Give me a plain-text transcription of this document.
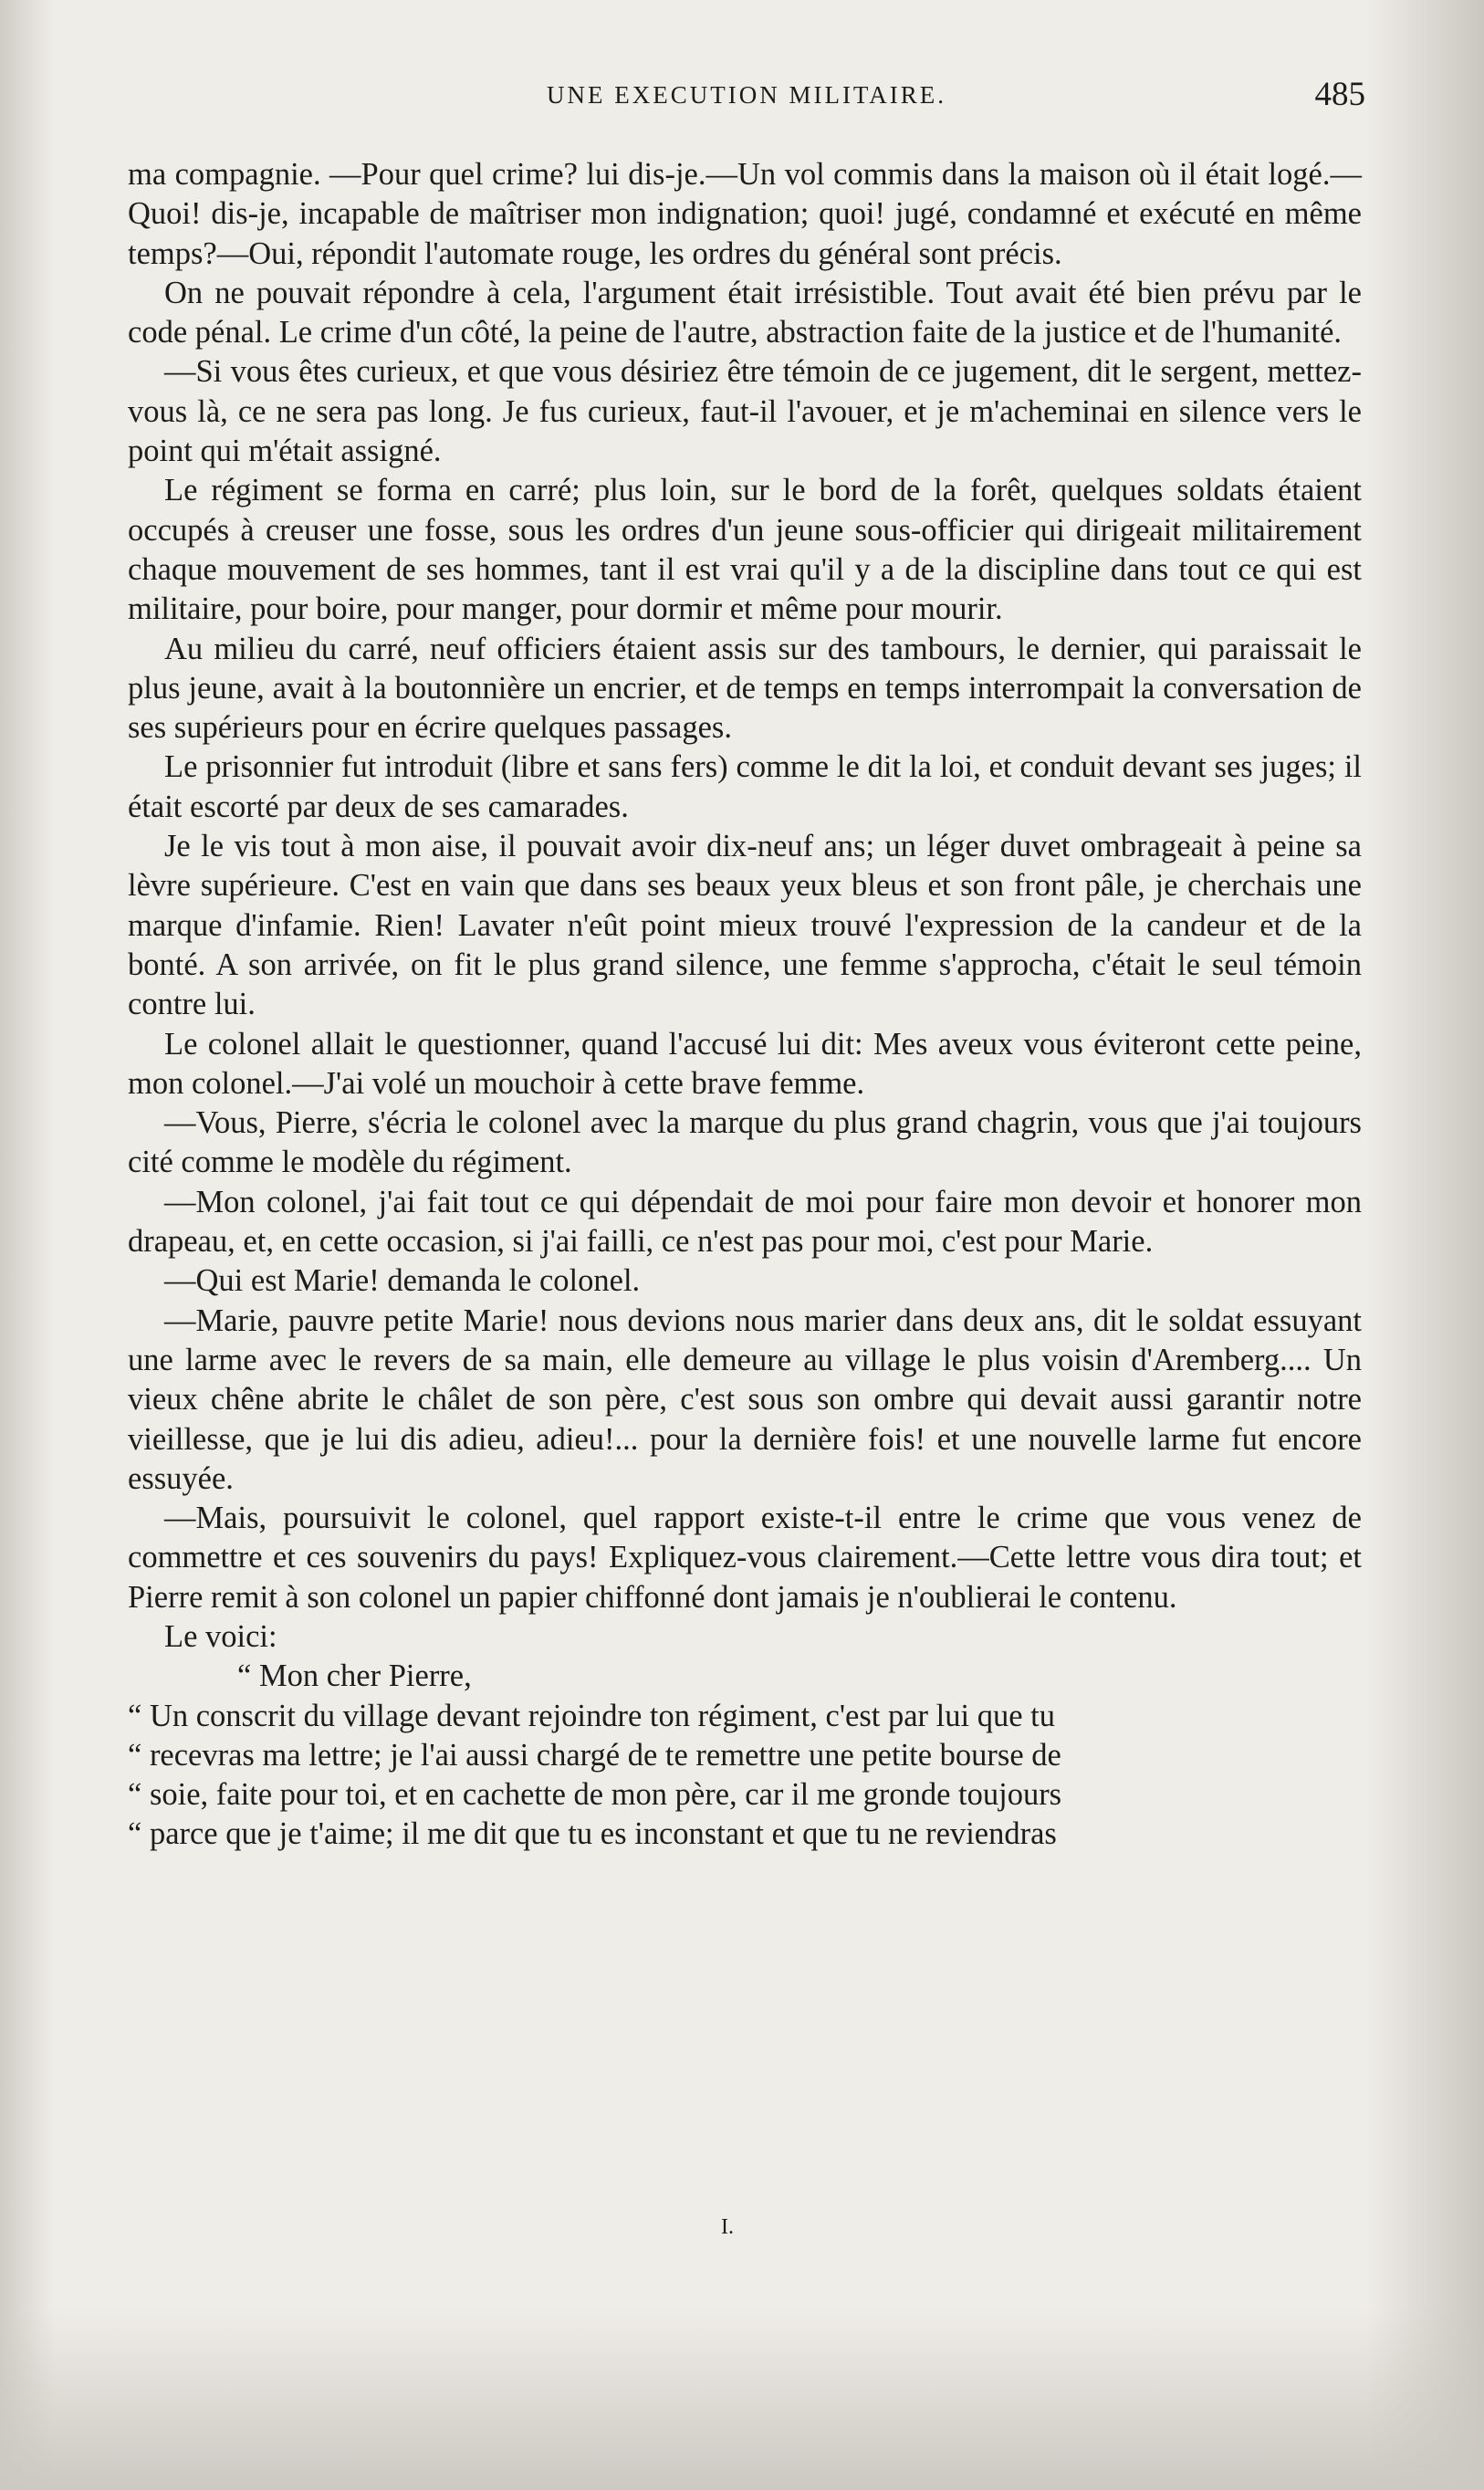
UNE EXECUTION MILITAIRE.	485

ma compagnie. —Pour quel crime? lui dis-je.—Un vol commis dans la maison où il était logé.—Quoi! dis-je, incapable de maîtriser mon indignation; quoi! jugé, condamné et exécuté en même temps?—Oui, répondit l'automate rouge, les ordres du général sont précis.

On ne pouvait répondre à cela, l'argument était irrésistible. Tout avait été bien prévu par le code pénal. Le crime d'un côté, la peine de l'autre, abstraction faite de la justice et de l'humanité.

—Si vous êtes curieux, et que vous désiriez être témoin de ce jugement, dit le sergent, mettez-vous là, ce ne sera pas long. Je fus curieux, faut-il l'avouer, et je m'acheminai en silence vers le point qui m'était assigné.

Le régiment se forma en carré; plus loin, sur le bord de la forêt, quelques soldats étaient occupés à creuser une fosse, sous les ordres d'un jeune sous-officier qui dirigeait militairement chaque mouvement de ses hommes, tant il est vrai qu'il y a de la discipline dans tout ce qui est militaire, pour boire, pour manger, pour dormir et même pour mourir.

Au milieu du carré, neuf officiers étaient assis sur des tambours, le dernier, qui paraissait le plus jeune, avait à la boutonnière un encrier, et de temps en temps interrompait la conversation de ses supérieurs pour en écrire quelques passages.

Le prisonnier fut introduit (libre et sans fers) comme le dit la loi, et conduit devant ses juges; il était escorté par deux de ses camarades.

Je le vis tout à mon aise, il pouvait avoir dix-neuf ans; un léger duvet ombrageait à peine sa lèvre supérieure. C'est en vain que dans ses beaux yeux bleus et son front pâle, je cherchais une marque d'infamie. Rien! Lavater n'eût point mieux trouvé l'expression de la candeur et de la bonté. A son arrivée, on fit le plus grand silence, une femme s'approcha, c'était le seul témoin contre lui.

Le colonel allait le questionner, quand l'accusé lui dit: Mes aveux vous éviteront cette peine, mon colonel.—J'ai volé un mouchoir à cette brave femme.

—Vous, Pierre, s'écria le colonel avec la marque du plus grand chagrin, vous que j'ai toujours cité comme le modèle du régiment.

—Mon colonel, j'ai fait tout ce qui dépendait de moi pour faire mon devoir et honorer mon drapeau, et, en cette occasion, si j'ai failli, ce n'est pas pour moi, c'est pour Marie.

—Qui est Marie! demanda le colonel.

—Marie, pauvre petite Marie! nous devions nous marier dans deux ans, dit le soldat essuyant une larme avec le revers de sa main, elle demeure au village le plus voisin d'Aremberg.... Un vieux chêne abrite le châlet de son père, c'est sous son ombre qui devait aussi garantir notre vieillesse, que je lui dis adieu, adieu!... pour la dernière fois! et une nouvelle larme fut encore essuyée.

—Mais, poursuivit le colonel, quel rapport existe-t-il entre le crime que vous venez de commettre et ces souvenirs du pays! Expliquez-vous clairement.—Cette lettre vous dira tout; et Pierre remit à son colonel un papier chiffonné dont jamais je n'oublierai le contenu.

Le voici:

“ Mon cher Pierre,

“ Un conscrit du village devant rejoindre ton régiment, c'est par lui que tu

“ recevras ma lettre; je l'ai aussi chargé de te remettre une petite bourse de

“ soie, faite pour toi, et en cachette de mon père, car il me gronde toujours

“ parce que je t'aime; il me dit que tu es inconstant et que tu ne reviendras

I.
